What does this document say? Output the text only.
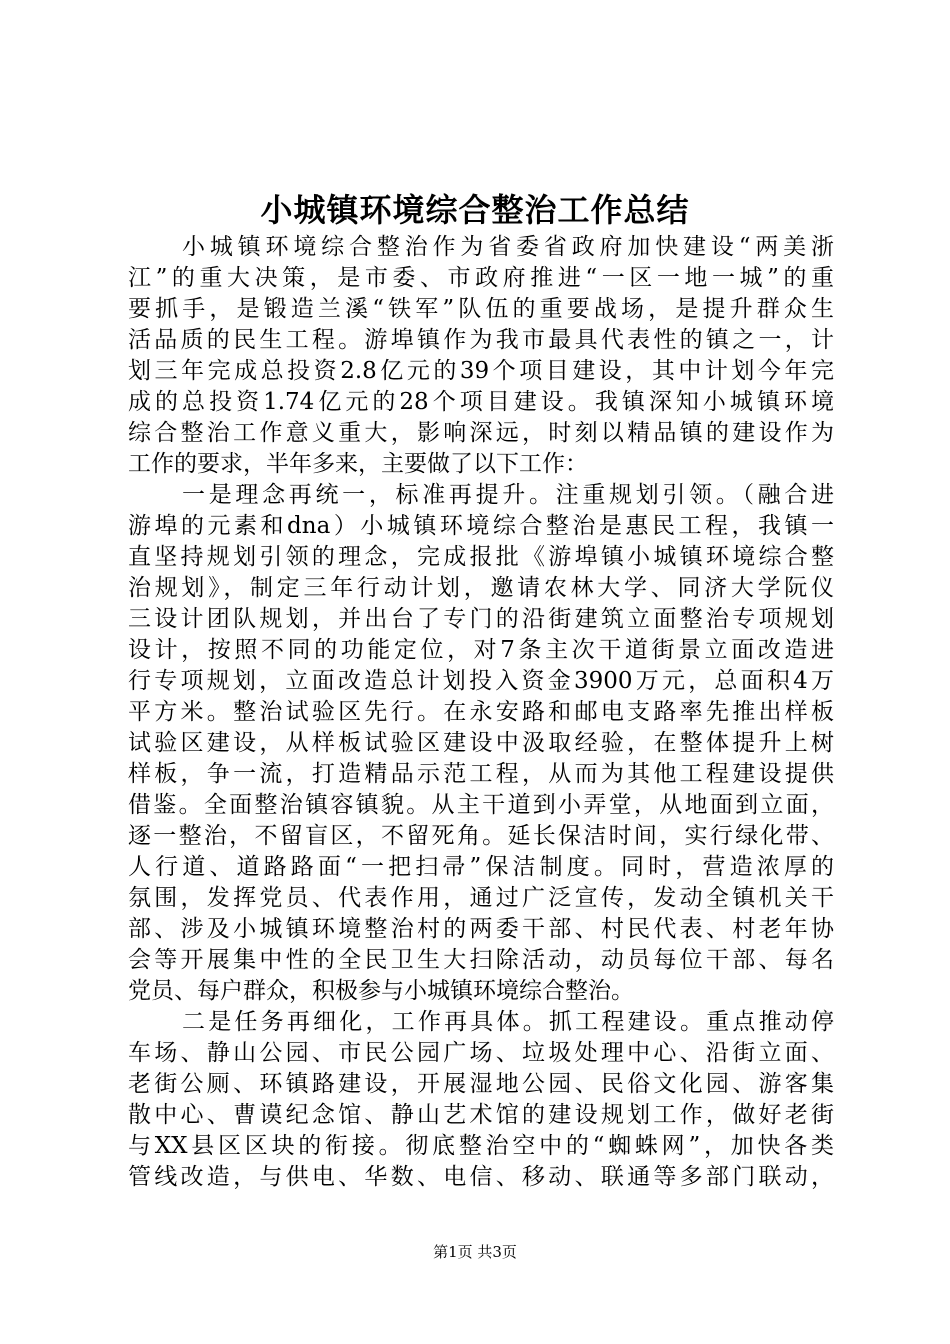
小城镇环境综合整治工作总结
小城镇环境综合整治作为省委省政府加快建设“两美浙
江”的重大决策，是市委、市政府推进“一区一地一城”的重
要抓手，是锻造兰溪“铁军”队伍的重要战场，是提升群众生
活品质的民生工程。游埠镇作为我市最具代表性的镇之一，计
划三年完成总投资2.8亿元的39个项目建设，其中计划今年完
成的总投资1.74亿元的28个项目建设。我镇深知小城镇环境
综合整治工作意义重大，影响深远，时刻以精品镇的建设作为
工作的要求，半年多来，主要做了以下工作：
一是理念再统一，标准再提升。注重规划引领。（融合进
游埠的元素和dna）小城镇环境综合整治是惠民工程，我镇一
直坚持规划引领的理念，完成报批《游埠镇小城镇环境综合整
治规划》，制定三年行动计划，邀请农林大学、同济大学阮仪
三设计团队规划，并出台了专门的沿街建筑立面整治专项规划
设计，按照不同的功能定位，对7条主次干道街景立面改造进
行专项规划，立面改造总计划投入资金3900万元，总面积4万
平方米。整治试验区先行。在永安路和邮电支路率先推出样板
试验区建设，从样板试验区建设中汲取经验，在整体提升上树
样板，争一流，打造精品示范工程，从而为其他工程建设提供
借鉴。全面整治镇容镇貌。从主干道到小弄堂，从地面到立面，
逐一整治，不留盲区，不留死角。延长保洁时间，实行绿化带、
人行道、道路路面“一把扫帚”保洁制度。同时，营造浓厚的
氛围，发挥党员、代表作用，通过广泛宣传，发动全镇机关干
部、涉及小城镇环境整治村的两委干部、村民代表、村老年协
会等开展集中性的全民卫生大扫除活动，动员每位干部、每名
党员、每户群众，积极参与小城镇环境综合整治。
二是任务再细化，工作再具体。抓工程建设。重点推动停
车场、静山公园、市民公园广场、垃圾处理中心、沿街立面、
老街公厕、环镇路建设，开展湿地公园、民俗文化园、游客集
散中心、曹谟纪念馆、静山艺术馆的建设规划工作，做好老街
与XX县区区块的衔接。彻底整治空中的“蜘蛛网”，加快各类
管线改造，与供电、华数、电信、移动、联通等多部门联动，
第1页 共3页
